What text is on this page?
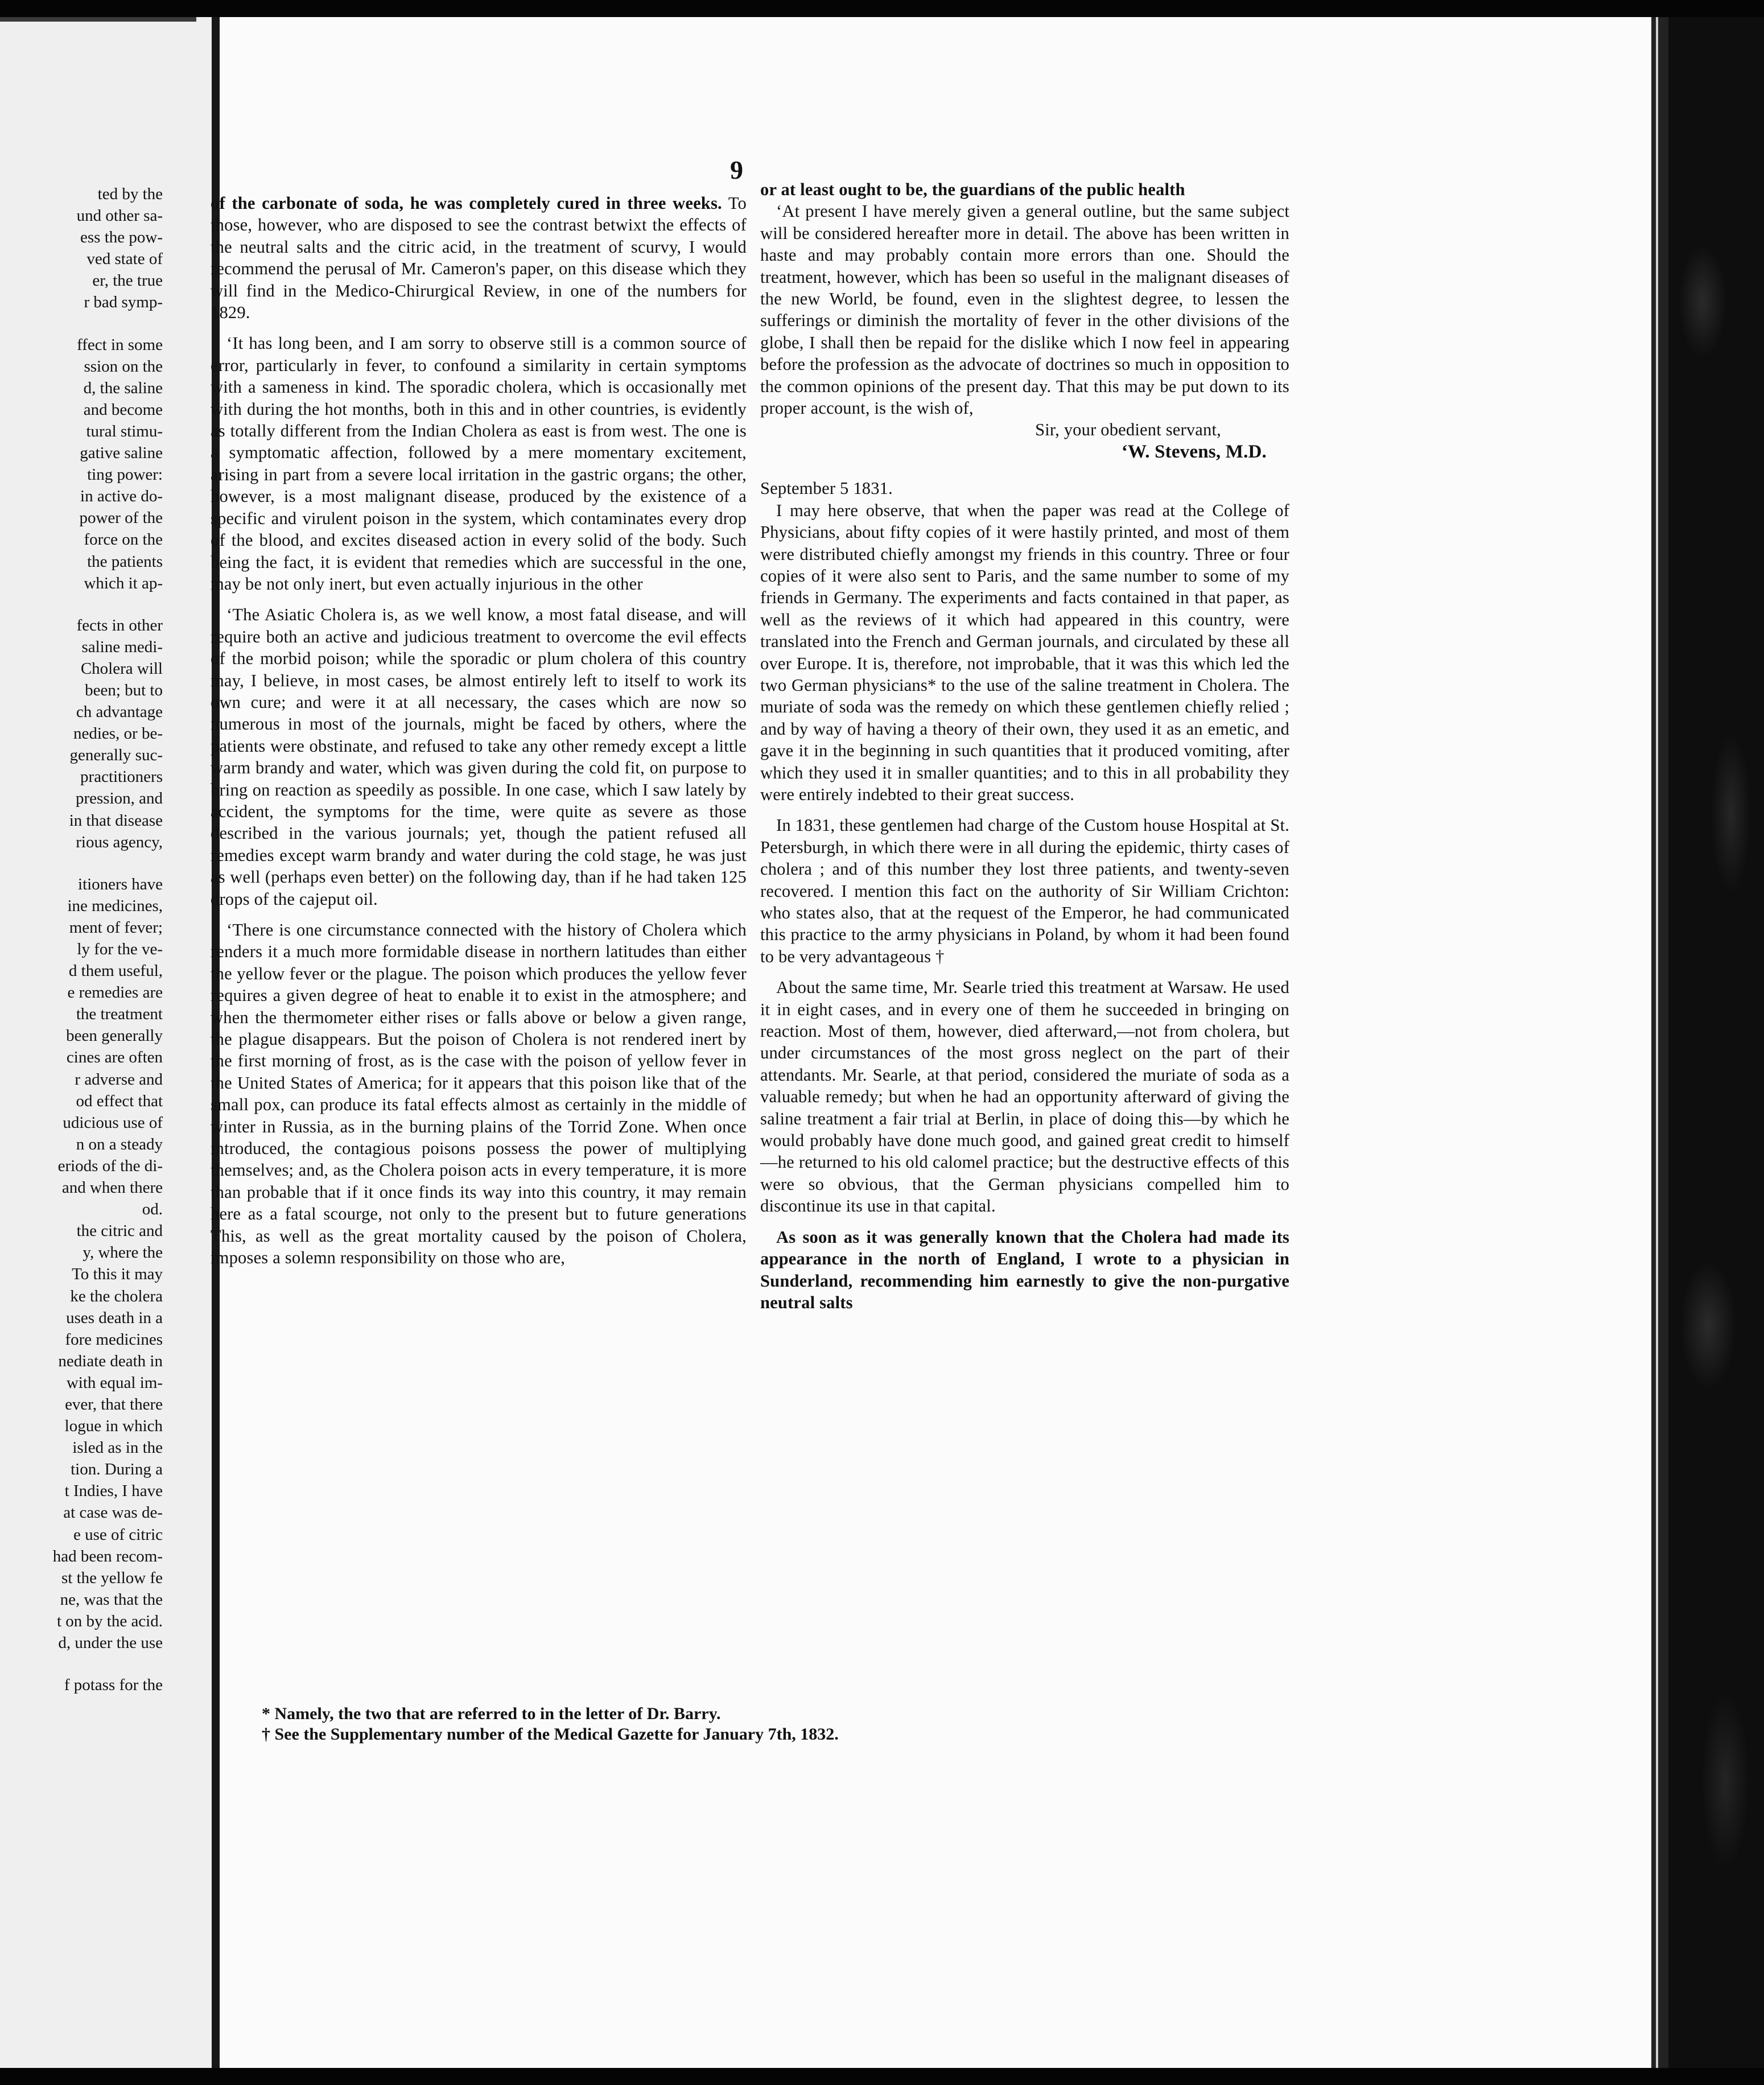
ted by the
und other sa-
ess the pow-
ved state of
er, the true
r bad symp-
ffect in some
ssion on the
d, the saline
and become
tural stimu-
gative saline
ting power:
in active do-
power of the
force on the
the patients
which it ap-
fects in other
saline medi-
Cholera will
been; but to
ch advantage
nedies, or be-
generally suc-
practitioners
pression, and
in that disease
rious agency,
itioners have
ine medicines,
ment of fever;
ly for the ve-
d them useful,
e remedies are
the treatment
been generally
cines are often
r adverse and
od effect that
udicious use of
n on a steady
eriods of the di-
and when there
od.
the citric and
y, where the
To this it may
ke the cholera
uses death in a
fore medicines
nediate death in
with equal im-
ever, that there
logue in which
isled as in the
tion. During a
t Indies, I have
at case was de-
e use of citric
had been recom-
st the yellow fe
ne, was that the
t on by the acid.
d, under the use
f potass for the
9

of the carbonate of soda, he was completely cured in three weeks. To those, however, who are disposed to see the contrast betwixt the effects of the neutral salts and the citric acid, in the treatment of scurvy, I would recommend the perusal of Mr. Cameron's paper, on this disease which they will find in the Medico-Chirurgical Review, in one of the numbers for 1829.

‘It has long been, and I am sorry to observe still is a common source of error, particularly in fever, to confound a similarity in certain symptoms with a sameness in kind. The sporadic cholera, which is occasionally met with during the hot months, both in this and in other countries, is evidently as totally different from the Indian Cholera as east is from west. The one is a symptomatic affection, followed by a mere momentary excitement, arising in part from a severe local irritation in the gastric organs; the other, however, is a most malignant disease, produced by the existence of a specific and virulent poison in the system, which contaminates every drop of the blood, and excites diseased action in every solid of the body. Such being the fact, it is evident that remedies which are successful in the one, may be not only inert, but even actually injurious in the other

‘The Asiatic Cholera is, as we well know, a most fatal disease, and will require both an active and judicious treatment to overcome the evil effects of the morbid poison; while the sporadic or plum cholera of this country may, I believe, in most cases, be almost entirely left to itself to work its own cure; and were it at all necessary, the cases which are now so numerous in most of the journals, might be faced by others, where the patients were obstinate, and refused to take any other remedy except a little warm brandy and water, which was given during the cold fit, on purpose to bring on reaction as speedily as possible. In one case, which I saw lately by accident, the symptoms for the time, were quite as severe as those described in the various journals; yet, though the patient refused all remedies except warm brandy and water during the cold stage, he was just as well (perhaps even better) on the following day, than if he had taken 125 drops of the cajeput oil.

‘There is one circumstance connected with the history of Cholera which renders it a much more formidable disease in northern latitudes than either the yellow fever or the plague. The poison which produces the yellow fever requires a given degree of heat to enable it to exist in the atmosphere; and when the thermometer either rises or falls above or below a given range, the plague disappears. But the poison of Cholera is not rendered inert by the first morning of frost, as is the case with the poison of yellow fever in the United States of America; for it appears that this poison like that of the small pox, can produce its fatal effects almost as certainly in the middle of winter in Russia, as in the burning plains of the Torrid Zone. When once introduced, the contagious poisons possess the power of multiplying themselves; and, as the Cholera poison acts in every temperature, it is more than probable that if it once finds its way into this country, it may remain here as a fatal scourge, not only to the present but to future generations This, as well as the great mortality caused by the poison of Cholera, imposes a solemn responsibility on those who are,

or at least ought to be, the guardians of the public health

‘At present I have merely given a general outline, but the same subject will be considered hereafter more in detail. The above has been written in haste and may probably contain more errors than one. Should the treatment, however, which has been so useful in the malignant diseases of the new World, be found, even in the slightest degree, to lessen the sufferings or diminish the mortality of fever in the other divisions of the globe, I shall then be repaid for the dislike which I now feel in appearing before the profession as the advocate of doctrines so much in opposition to the common opinions of the present day. That this may be put down to its proper account, is the wish of,

Sir, your obedient servant,

‘W. Stevens, M.D.

September 5 1831.

I may here observe, that when the paper was read at the College of Physicians, about fifty copies of it were hastily printed, and most of them were distributed chiefly amongst my friends in this country. Three or four copies of it were also sent to Paris, and the same number to some of my friends in Germany. The experiments and facts contained in that paper, as well as the reviews of it which had appeared in this country, were translated into the French and German journals, and circulated by these all over Europe. It is, therefore, not improbable, that it was this which led the two German physicians* to the use of the saline treatment in Cholera. The muriate of soda was the remedy on which these gentlemen chiefly relied ; and by way of having a theory of their own, they used it as an emetic, and gave it in the beginning in such quantities that it produced vomiting, after which they used it in smaller quantities; and to this in all probability they were entirely indebted to their great success.

In 1831, these gentlemen had charge of the Custom house Hospital at St. Petersburgh, in which there were in all during the epidemic, thirty cases of cholera ; and of this number they lost three patients, and twenty-seven recovered. I mention this fact on the authority of Sir William Crichton: who states also, that at the request of the Emperor, he had communicated this practice to the army physicians in Poland, by whom it had been found to be very advantageous †

About the same time, Mr. Searle tried this treatment at Warsaw. He used it in eight cases, and in every one of them he succeeded in bringing on reaction. Most of them, however, died afterward,—not from cholera, but under circumstances of the most gross neglect on the part of their attendants. Mr. Searle, at that period, considered the muriate of soda as a valuable remedy; but when he had an opportunity afterward of giving the saline treatment a fair trial at Berlin, in place of doing this—by which he would probably have done much good, and gained great credit to himself—he returned to his old calomel practice; but the destructive effects of this were so obvious, that the German physicians compelled him to discontinue its use in that capital.

As soon as it was generally known that the Cholera had made its appearance in the north of England, I wrote to a physician in Sunderland, recommending him earnestly to give the non-purgative neutral salts

* Namely, the two that are referred to in the letter of Dr. Barry.
† See the Supplementary number of the Medical Gazette for January 7th, 1832.
